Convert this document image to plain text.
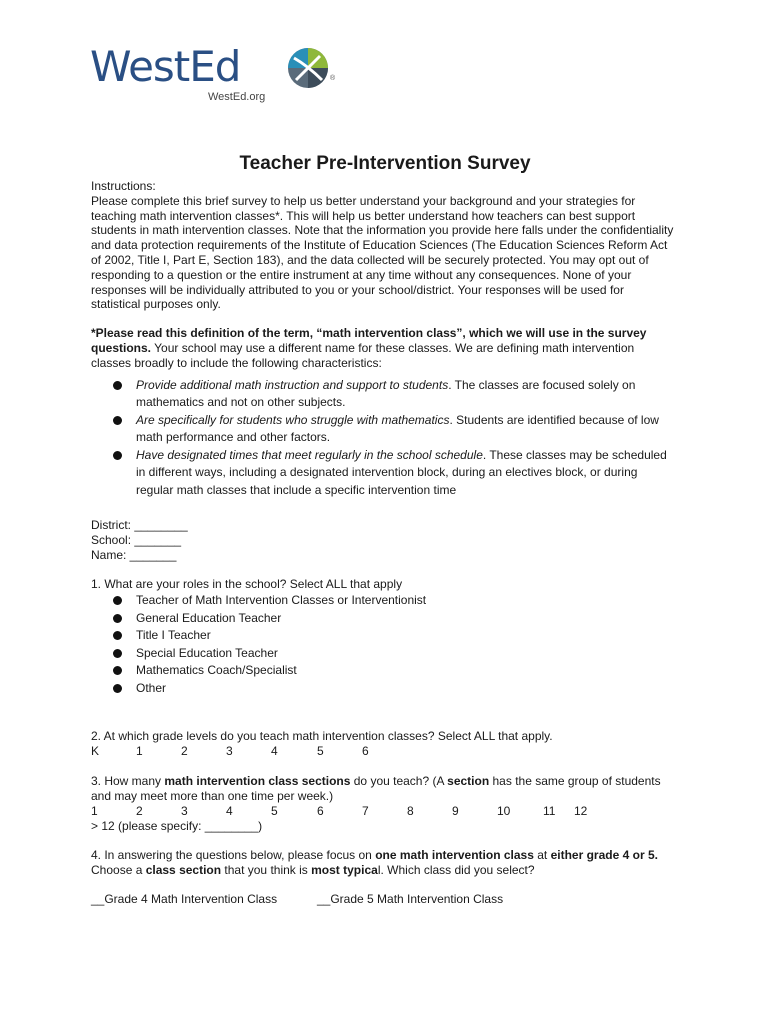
WestEd	®
WestEd.org
Teacher Pre-Intervention Survey

Instructions:

Please complete this brief survey to help us better understand your background and your strategies for teaching math intervention classes*. This will help us better understand how teachers can best support students in math intervention classes. Note that the information you provide here falls under the confidentiality and data protection requirements of the Institute of Education Sciences (The Education Sciences Reform Act of 2002, Title I, Part E, Section 183), and the data collected will be securely protected. You may opt out of responding to a question or the entire instrument at any time without any consequences. None of your responses will be individually attributed to you or your school/district. Your responses will be used for statistical purposes only.

*Please read this definition of the term, “math intervention class”, which we will use in the survey questions. Your school may use a different name for these classes. We are defining math intervention classes broadly to include the following characteristics:

Provide additional math instruction and support to students. The classes are focused solely on mathematics and not on other subjects.
Are specifically for students who struggle with mathematics. Students are identified because of low math performance and other factors.
Have designated times that meet regularly in the school schedule. These classes may be scheduled in different ways, including a designated intervention block, during an electives block, or during regular math classes that include a specific intervention time

District: ________

School: _______

Name: _______

1. What are your roles in the school? Select ALL that apply

Teacher of Math Intervention Classes or Interventionist
General Education Teacher
Title I Teacher
Special Education Teacher
Mathematics Coach/Specialist
Other

2. At which grade levels do you teach math intervention classes? Select ALL that apply.

K	1	2	3	4	5	6

3. How many math intervention class sections do you teach? (A section has the same group of students and may meet more than one time per week.)

1	2	3	4	5	6	7	8	9	10	11 12

> 12 (please specify: ________)

4. In answering the questions below, please focus on one math intervention class at either grade 4 or 5. Choose a class section that you think is most typical. Which class did you select?

__Grade 4 Math Intervention Class	__Grade 5 Math Intervention Class
